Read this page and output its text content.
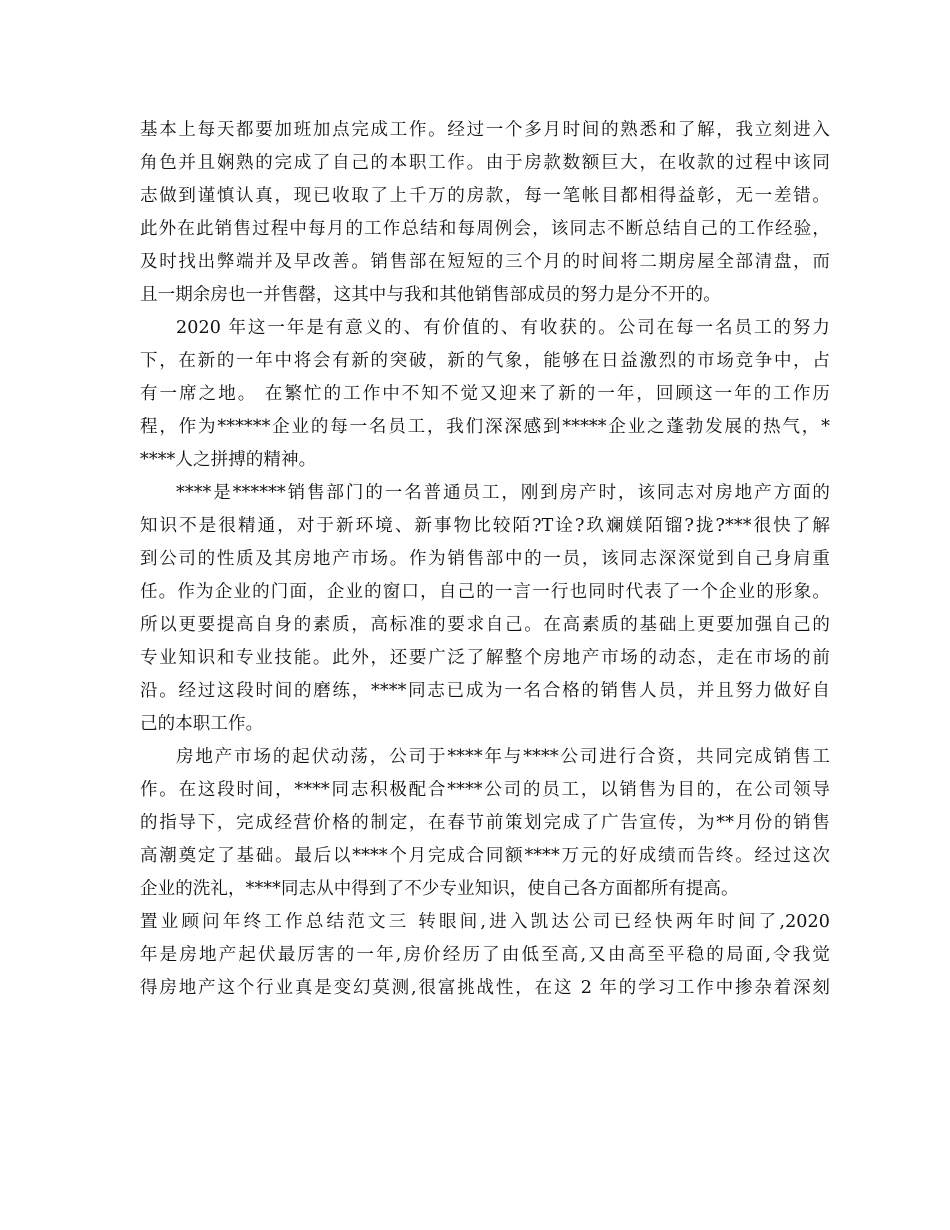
基本上每天都要加班加点完成工作。经过一个多月时间的熟悉和了解，我立刻进入
角色并且娴熟的完成了自己的本职工作。由于房款数额巨大，在收款的过程中该同
志做到谨慎认真，现已收取了上千万的房款，每一笔帐目都相得益彰，无一差错。
此外在此销售过程中每月的工作总结和每周例会，该同志不断总结自己的工作经验，
及时找出弊端并及早改善。销售部在短短的三个月的时间将二期房屋全部清盘，而
且一期余房也一并售罄，这其中与我和其他销售部成员的努力是分不开的。
2020 年这一年是有意义的、有价值的、有收获的。公司在每一名员工的努力
下，在新的一年中将会有新的突破，新的气象，能够在日益激烈的市场竞争中，占
有一席之地。 在繁忙的工作中不知不觉又迎来了新的一年，回顾这一年的工作历
程，作为******企业的每一名员工，我们深深感到*****企业之蓬勃发展的热气，*
****人之拼搏的精神。
****是******销售部门的一名普通员工，刚到房产时，该同志对房地产方面的
知识不是很精通，对于新环境、新事物比较陌?T诠?玖斓媄陌镏?拢?***很快了解
到公司的性质及其房地产市场。作为销售部中的一员，该同志深深觉到自己身肩重
任。作为企业的门面，企业的窗口，自己的一言一行也同时代表了一个企业的形象。
所以更要提高自身的素质，高标准的要求自己。在高素质的基础上更要加强自己的
专业知识和专业技能。此外，还要广泛了解整个房地产市场的动态，走在市场的前
沿。经过这段时间的磨练，****同志已成为一名合格的销售人员，并且努力做好自
己的本职工作。
房地产市场的起伏动荡，公司于****年与****公司进行合资，共同完成销售工
作。在这段时间，****同志积极配合****公司的员工，以销售为目的，在公司领导
的指导下，完成经营价格的制定，在春节前策划完成了广告宣传，为**月份的销售
高潮奠定了基础。最后以****个月完成合同额****万元的好成绩而告终。经过这次
企业的洗礼，****同志从中得到了不少专业知识，使自己各方面都所有提高。
置业顾问年终工作总结范文三 转眼间,进入凯达公司已经快两年时间了,2020
年是房地产起伏最厉害的一年,房价经历了由低至高,又由高至平稳的局面,令我觉
得房地产这个行业真是变幻莫测,很富挑战性，在这 2 年的学习工作中掺杂着深刻
